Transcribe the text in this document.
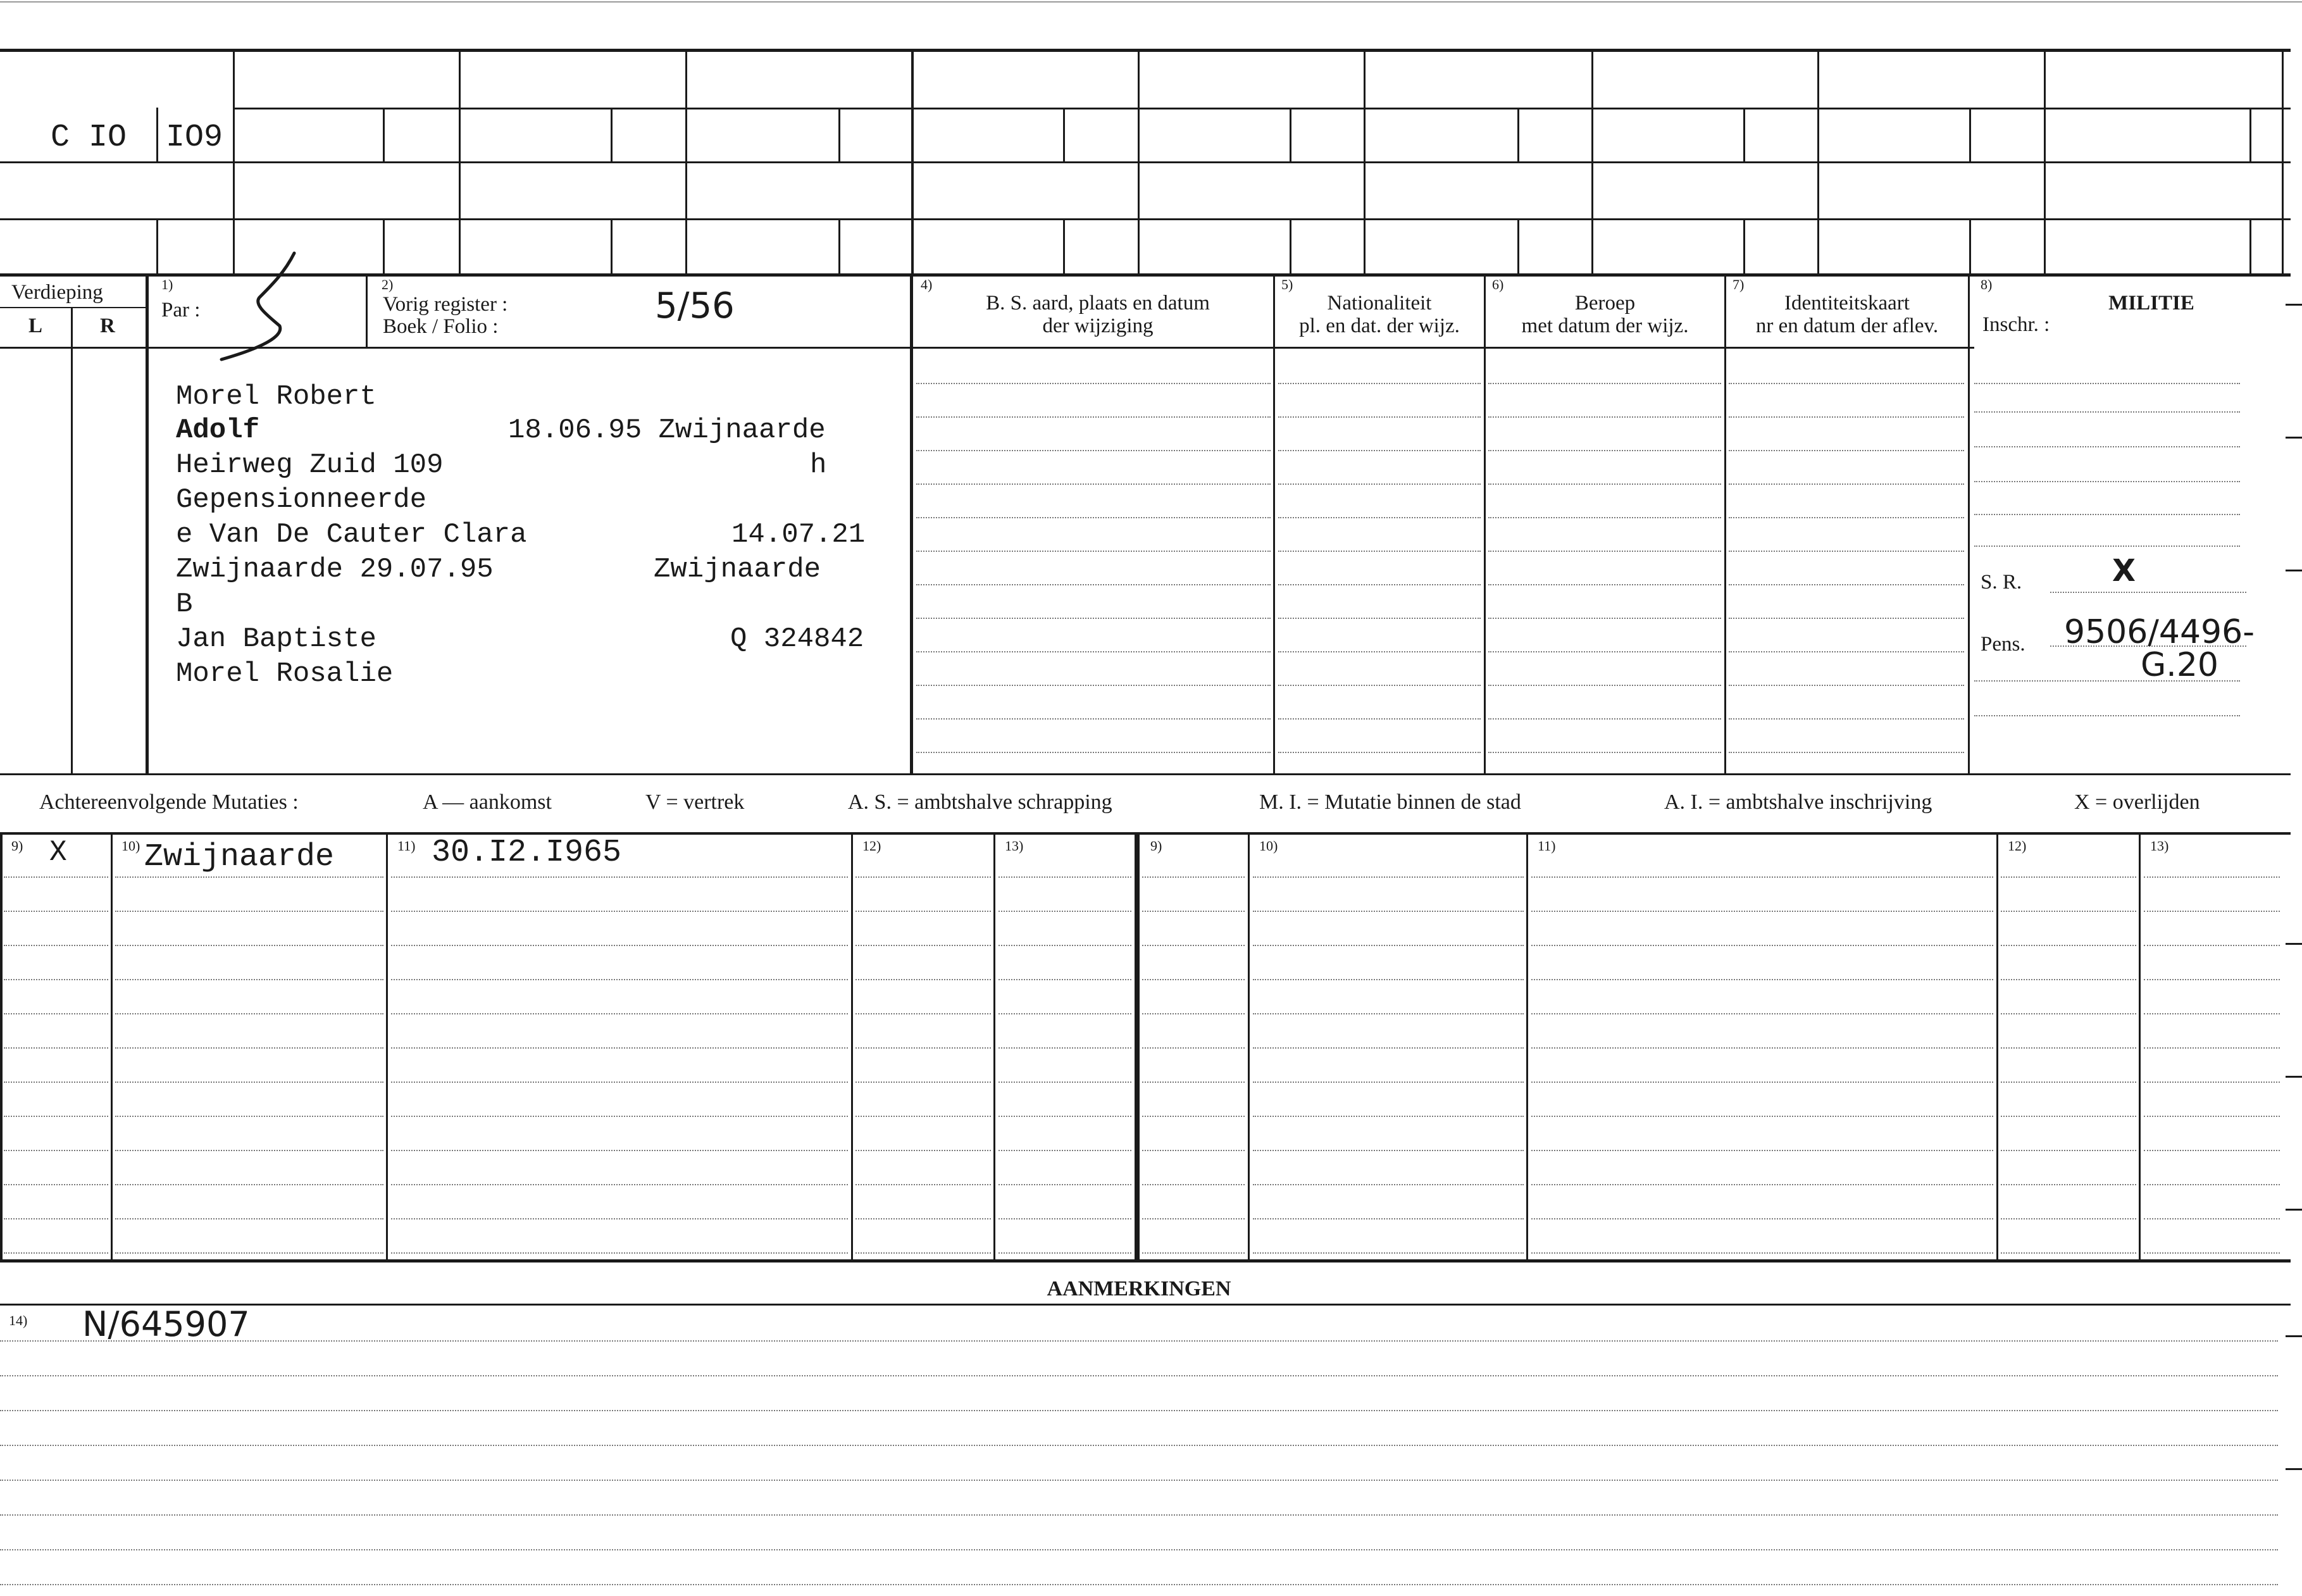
C IO IO9
Verdieping
L	R
1)
Par :
2)
Vorig register :
Boek / Folio :	5/56
4)
B. S. aard, plaats en datum
der wijziging
5)
Nationaliteit
pl. en dat. der wijz.
6)
Beroep
met datum der wijz.
7)
Identiteitskaart
nr en datum der aflev.
8)
MILITIE
Inschr. :
Morel Robert
Adolf	18.06.95 Zwijnaarde
Heirweg Zuid 109	h
Gepensionneerde
e Van De Cauter Clara	14.07.21
Zwijnaarde 29.07.95	Zwijnaarde
B
Jan Baptiste	Q 324842
Morel Rosalie
S. R.	X
Pens. 9506/4496-
G.20
Achtereenvolgende Mutaties :	A — aankomst	V = vertrek	A. S. = ambtshalve schrapping	M. I. = Mutatie binnen de stad	A. I. = ambtshalve inschrijving	X = overlijden
9)	10)	11)	12)	13)	9)	10)	11)	12)	13)
X Zwijnaarde	30.I2.I965
AANMERKINGEN
14) N/645907
